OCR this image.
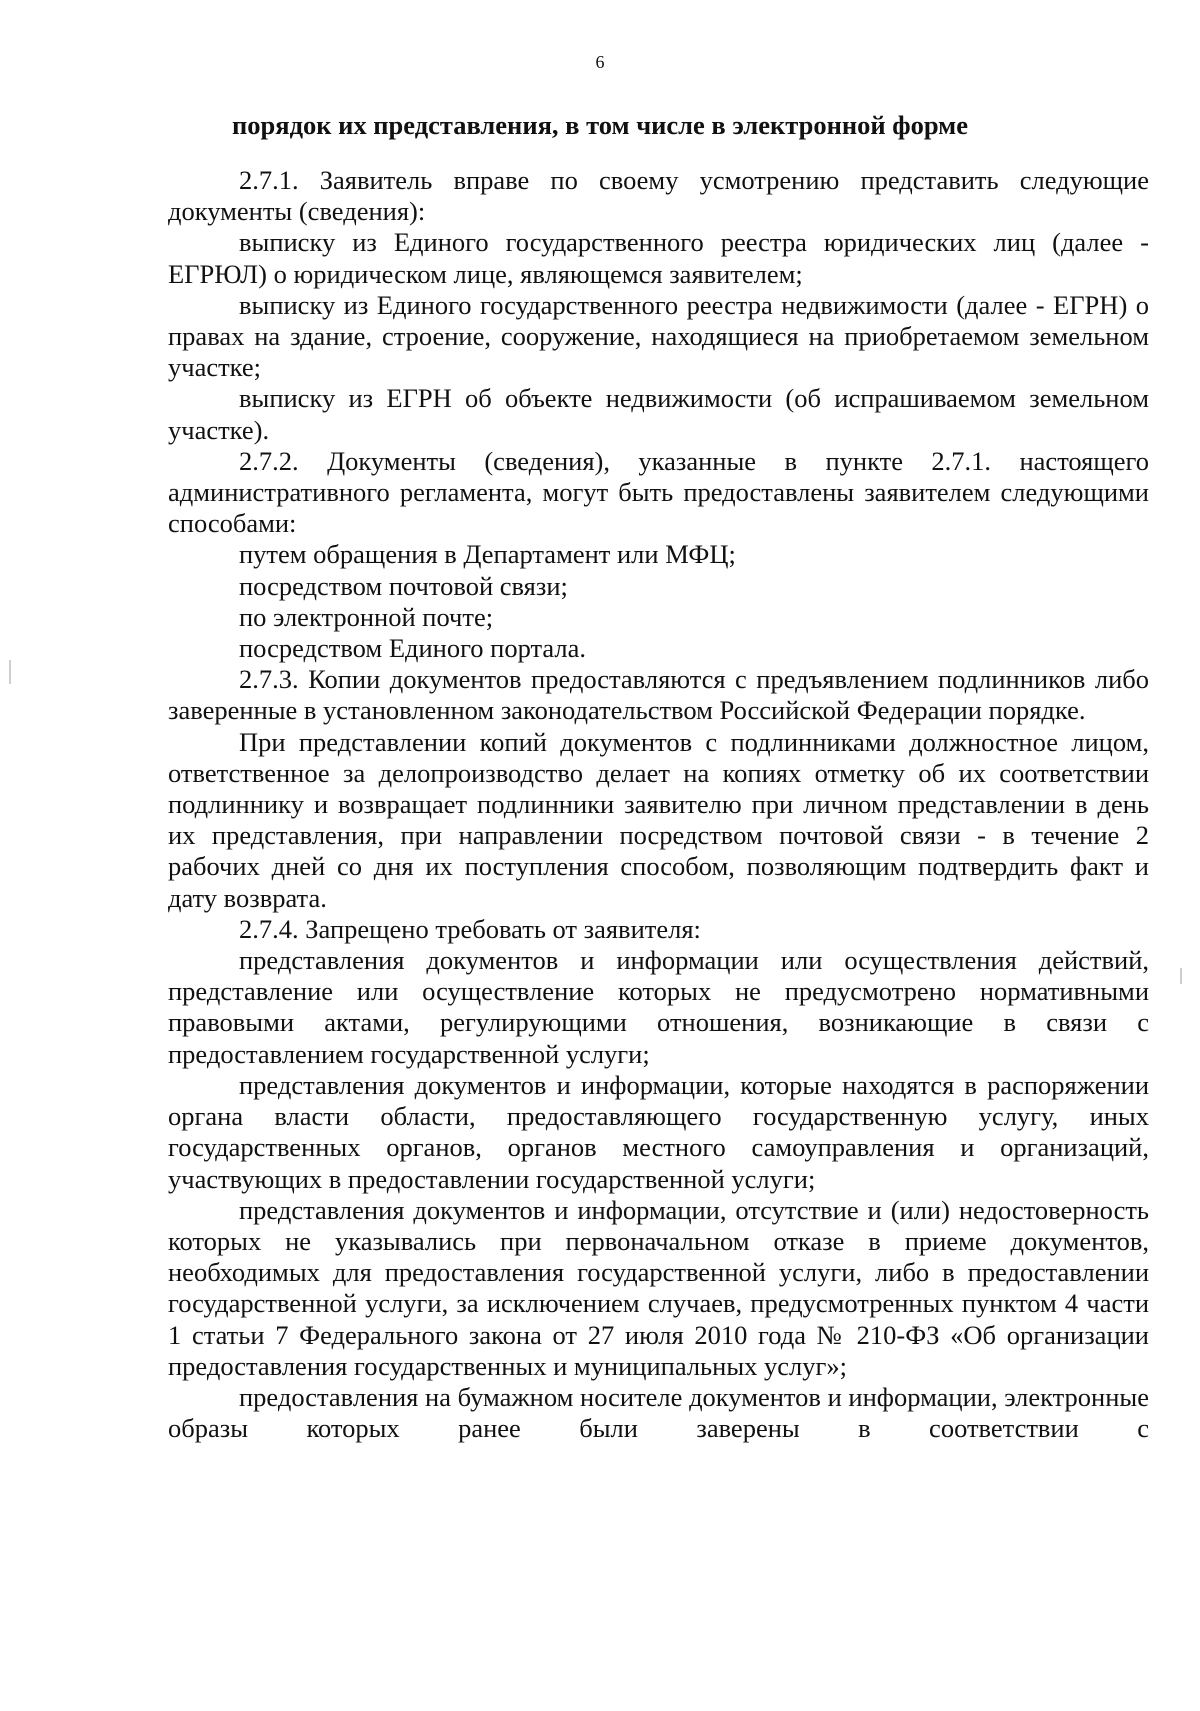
6
порядок их представления, в том числе в электронной форме

2.7.1. Заявитель вправе по своему усмотрению представить следующие документы (сведения):

выписку из Единого государственного реестра юридических лиц (далее - ЕГРЮЛ) о юридическом лице, являющемся заявителем;

выписку из Единого государственного реестра недвижимости (далее - ЕГРН) о правах на здание, строение, сооружение, находящиеся на приобретаемом земельном участке;

выписку из ЕГРН об объекте недвижимости (об испрашиваемом земельном участке).

2.7.2. Документы (сведения), указанные в пункте 2.7.1. настоящего административного регламента, могут быть предоставлены заявителем следующими способами:

путем обращения в Департамент или МФЦ;

посредством почтовой связи;

по электронной почте;

посредством Единого портала.

2.7.3. Копии документов предоставляются с предъявлением подлинников либо заверенные в установленном законодательством Российской Федерации порядке.

При представлении копий документов с подлинниками должностное лицом, ответственное за делопроизводство делает на копиях отметку об их соответствии подлиннику и возвращает подлинники заявителю при личном представлении в день их представления, при направлении посредством почтовой связи - в течение 2 рабочих дней со дня их поступления способом, позволяющим подтвердить факт и дату возврата.

2.7.4. Запрещено требовать от заявителя:

представления документов и информации или осуществления действий, представление или осуществление которых не предусмотрено нормативными правовыми актами, регулирующими отношения, возникающие в связи с предоставлением государственной услуги;

представления документов и информации, которые находятся в распоряжении органа власти области, предоставляющего государственную услугу, иных государственных органов, органов местного самоуправления и организаций, участвующих в предоставлении государственной услуги;

представления документов и информации, отсутствие и (или) недостоверность которых не указывались при первоначальном отказе в приеме документов, необходимых для предоставления государственной услуги, либо в предоставлении государственной услуги, за исключением случаев, предусмотренных пунктом 4 части 1 статьи 7 Федерального закона от 27 июля 2010 года № 210-ФЗ «Об организации предоставления государственных и муниципальных услуг»;

предоставления на бумажном носителе документов и информации, электронные образы которых ранее были заверены в соответствии с
